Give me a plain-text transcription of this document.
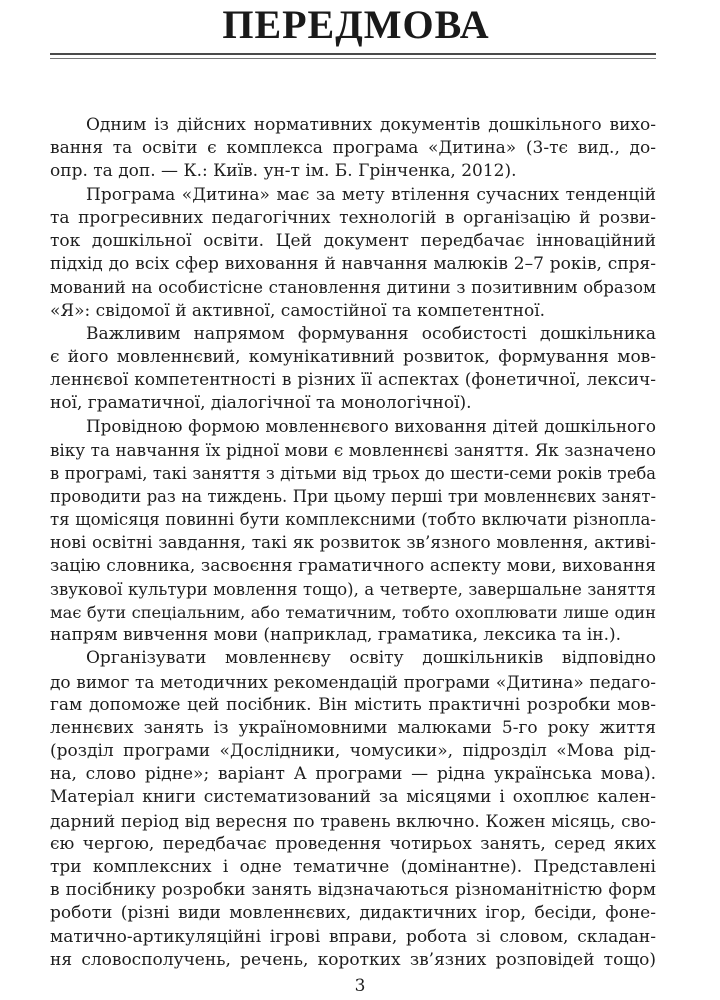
ПЕРЕДМОВА
Одним із дійсних нормативних документів дошкільного вихо-
вання та освіти є комплекса програма «Дитина» (3-тє вид., до-
опр. та доп. — К.: Київ. ун-т ім. Б. Грінченка, 2012).
Програма «Дитина» має за мету втілення сучасних тенденцій
та прогресивних педагогічних технологій в організацію й розви-
ток дошкільної освіти. Цей документ передбачає інноваційний
підхід до всіх сфер виховання й навчання малюків 2–7 років, спря-
мований на особистісне становлення дитини з позитивним образом
«Я»: свідомої й активної, самостійної та компетентної.
Важливим напрямом формування особистості дошкільника
є його мовленнєвий, комунікативний розвиток, формування мов-
леннєвої компетентності в різних її аспектах (фонетичної, лексич-
ної, граматичної, діалогічної та монологічної).
Провідною формою мовленнєвого виховання дітей дошкільного
віку та навчання їх рідної мови є мовленнєві заняття. Як зазначено
в програмі, такі заняття з дітьми від трьох до шести-семи років треба
проводити раз на тиждень. При цьому перші три мовленнєвих занят-
тя щомісяця повинні бути комплексними (тобто включати різнопла-
нові освітні завдання, такі як розвиток зв’язного мовлення, активі-
зацію словника, засвоєння граматичного аспекту мови, виховання
звукової культури мовлення тощо), а четверте, завершальне заняття
має бути спеціальним, або тематичним, тобто охоплювати лише один
напрям вивчення мови (наприклад, граматика, лексика та ін.).
Організувати мовленнєву освіту дошкільників відповідно
до вимог та методичних рекомендацій програми «Дитина» педаго-
гам допоможе цей посібник. Він містить практичні розробки мов-
леннєвих занять із україномовними малюками 5-го року життя
(розділ програми «Дослідники, чомусики», підрозділ «Мова рід-
на, слово рідне»; варіант А програми — рідна українська мова).
Матеріал книги систематизований за місяцями і охоплює кален-
дарний період від вересня по травень включно. Кожен місяць, сво-
єю чергою, передбачає проведення чотирьох занять, серед яких
три комплексних і одне тематичне (домінантне). Представлені
в посібнику розробки занять відзначаються різноманітністю форм
роботи (різні види мовленнєвих, дидактичних ігор, бесіди, фоне-
матично-артикуляційні ігрові вправи, робота зі словом, складан-
ня словосполучень, речень, коротких зв’язних розповідей тощо)
3
